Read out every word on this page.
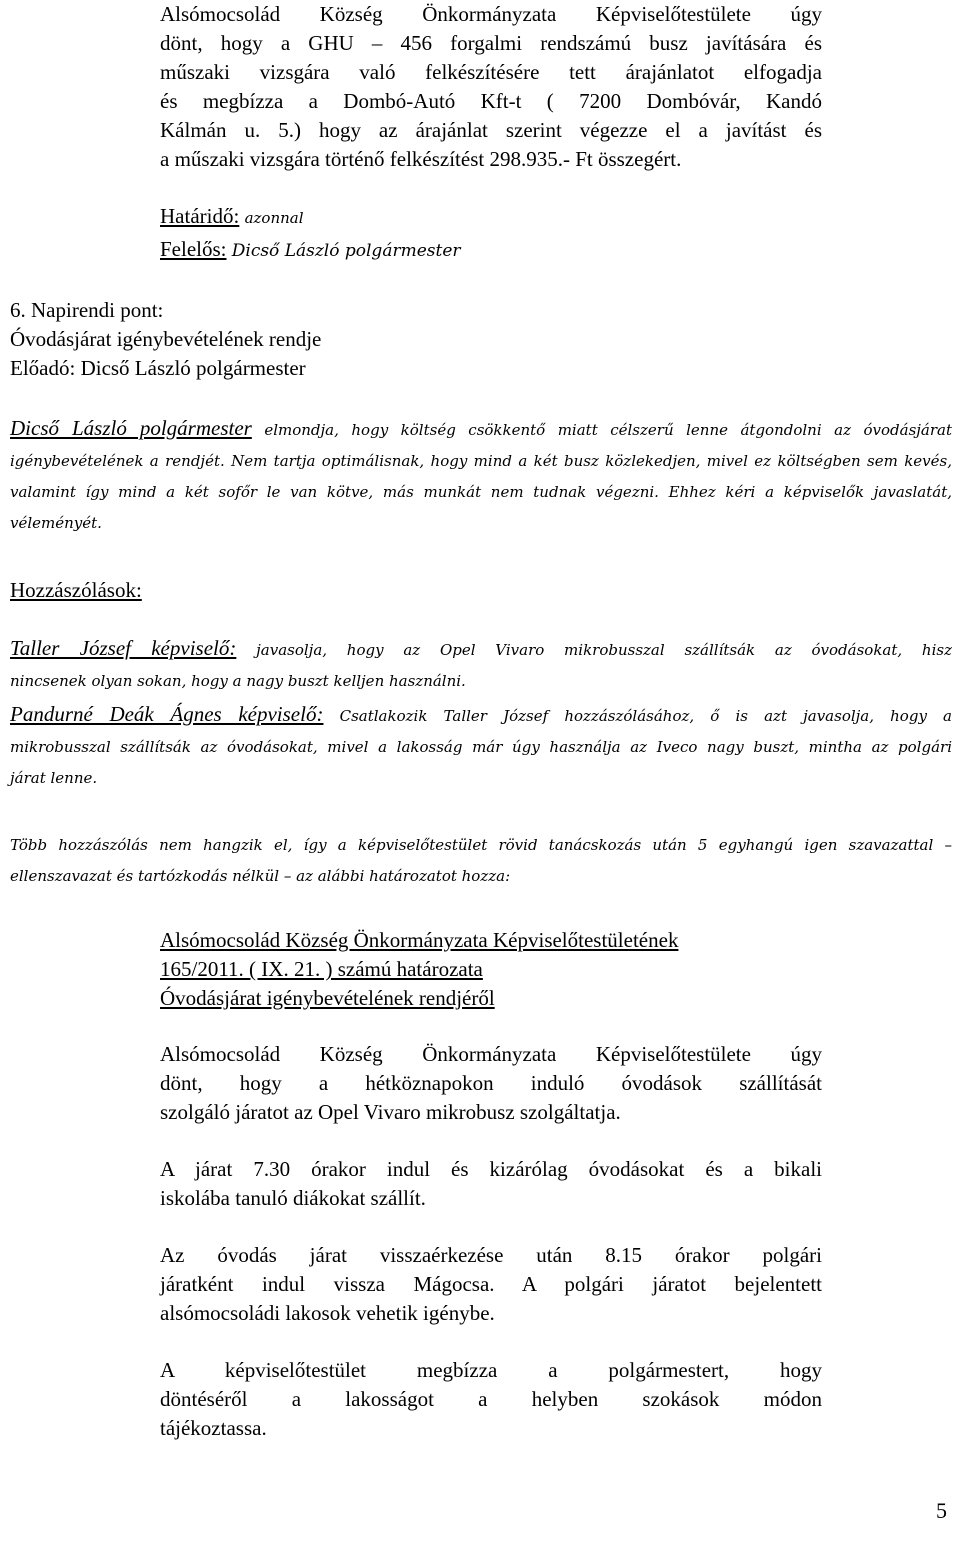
Alsómocsolád Község Önkormányzata Képviselőtestülete úgy
dönt, hogy a GHU – 456 forgalmi rendszámú busz javítására és
műszaki vizsgára való felkészítésére tett árajánlatot elfogadja
és megbízza a Dombó-Autó Kft-t ( 7200 Dombóvár, Kandó
Kálmán u. 5.) hogy az árajánlat szerint végezze el a javítást és
a műszaki vizsgára történő felkészítést 298.935.- Ft összegért.
Határidő: azonnal
Felelős: Dicső László polgármester
6. Napirendi pont:
Óvodásjárat igénybevételének rendje
Előadó: Dicső László polgármester
Dicső László polgármester elmondja, hogy költség csökkentő miatt célszerű lenne átgondolni az óvodásjárat
igénybevételének a rendjét. Nem tartja optimálisnak, hogy mind a két busz közlekedjen, mivel ez költségben sem kevés,
valamint így mind a két sofőr le van kötve, más munkát nem tudnak végezni. Ehhez kéri a képviselők javaslatát,
véleményét.
Hozzászólások:
Taller József képviselő: javasolja, hogy az Opel Vivaro mikrobusszal szállítsák az óvodásokat, hisz
nincsenek olyan sokan, hogy a nagy buszt kelljen használni.
Pandurné Deák Ágnes képviselő: Csatlakozik Taller József hozzászólásához, ő is azt javasolja, hogy a
mikrobusszal szállítsák az óvodásokat, mivel a lakosság már úgy használja az Iveco nagy buszt, mintha az polgári
járat lenne.
Több hozzászólás nem hangzik el, így a képviselőtestület rövid tanácskozás után 5 egyhangú igen szavazattal –
ellenszavazat és tartózkodás nélkül – az alábbi határozatot hozza:
Alsómocsolád Község Önkormányzata Képviselőtestületének
165/2011. ( IX. 21. ) számú határozata
Óvodásjárat igénybevételének rendjéről
Alsómocsolád Község Önkormányzata Képviselőtestülete úgy
dönt, hogy a hétköznapokon induló óvodások szállítását
szolgáló járatot az Opel Vivaro mikrobusz szolgáltatja.
A járat 7.30 órakor indul és kizárólag óvodásokat és a bikali
iskolába tanuló diákokat szállít.
Az óvodás járat visszaérkezése után 8.15 órakor polgári
járatként indul vissza Mágocsa. A polgári járatot bejelentett
alsómocsoládi lakosok vehetik igénybe.
A képviselőtestület megbízza a polgármestert, hogy
döntéséről a lakosságot a helyben szokások módon
tájékoztassa.
5
